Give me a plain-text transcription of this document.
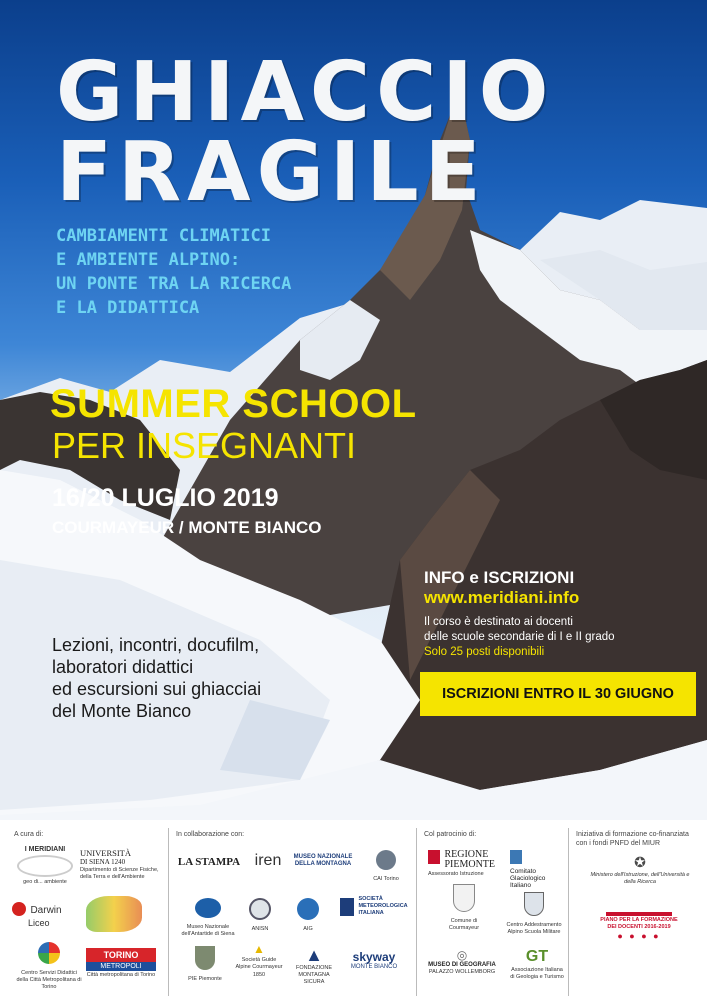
GHIACCIO
FRAGILE
CAMBIAMENTI CLIMATICI
E AMBIENTE ALPINO:
UN PONTE TRA LA RICERCA
E LA DIDATTICA
SUMMER SCHOOL
PER INSEGNANTI
16/20 LUGLIO 2019
COURMAYEUR / MONTE BIANCO
INFO e ISCRIZIONI
www.meridiani.info
Il corso è destinato ai docenti
delle scuole secondarie di I e II grado
Solo 25 posti disponibili
ISCRIZIONI ENTRO IL 30 GIUGNO
Lezioni, incontri, docufilm,
laboratori didattici
ed escursioni sui ghiacciai
del Monte Bianco
A cura di:	In collaborazione con:	Col patrocinio di:	Iniziativa di formazione co-finanziata
con i fondi PNFD del MIUR
I MERIDIANI
geo di... ambiente
UNIVERSITÀ
DI SIENA 1240
Dipartimento di Scienze Fisiche, della Terra e dell'Ambiente
Darwin
Liceo
Centro Servizi Didattici della Città Metropolitana di Torino
TORINO
METROPOLI
Città metropolitana di Torino
LA STAMPA iren	MUSEO NAZIONALE DELLA MONTAGNA
CAI Torino
Museo Nazionale dell'Antartide di Siena
ANISN	AIG
SOCIETÀ METEOROLOGICA ITALIANA
PIE Piemonte
▲
Società Guide Alpine Courmayeur
1850
▲
FONDAZIONE MONTAGNA SICURA
skyway
MONTE BIANCO

REGIONE
PIEMONTE
Assessorato Istruzione	Comitato Glaciologico Italiano
Comune di Courmayeur	Centro Addestramento Alpino Scuola Militare
◎
MUSEO DI GEOGRAFIA
PALAZZO WOLLEMBORG
GT
Associazione Italiana di Geologia e Turismo
✪
Ministero dell'Istruzione, dell'Università e della Ricerca
PIANO PER LA FORMAZIONE DEI DOCENTI 2016-2019
● ● ● ●
